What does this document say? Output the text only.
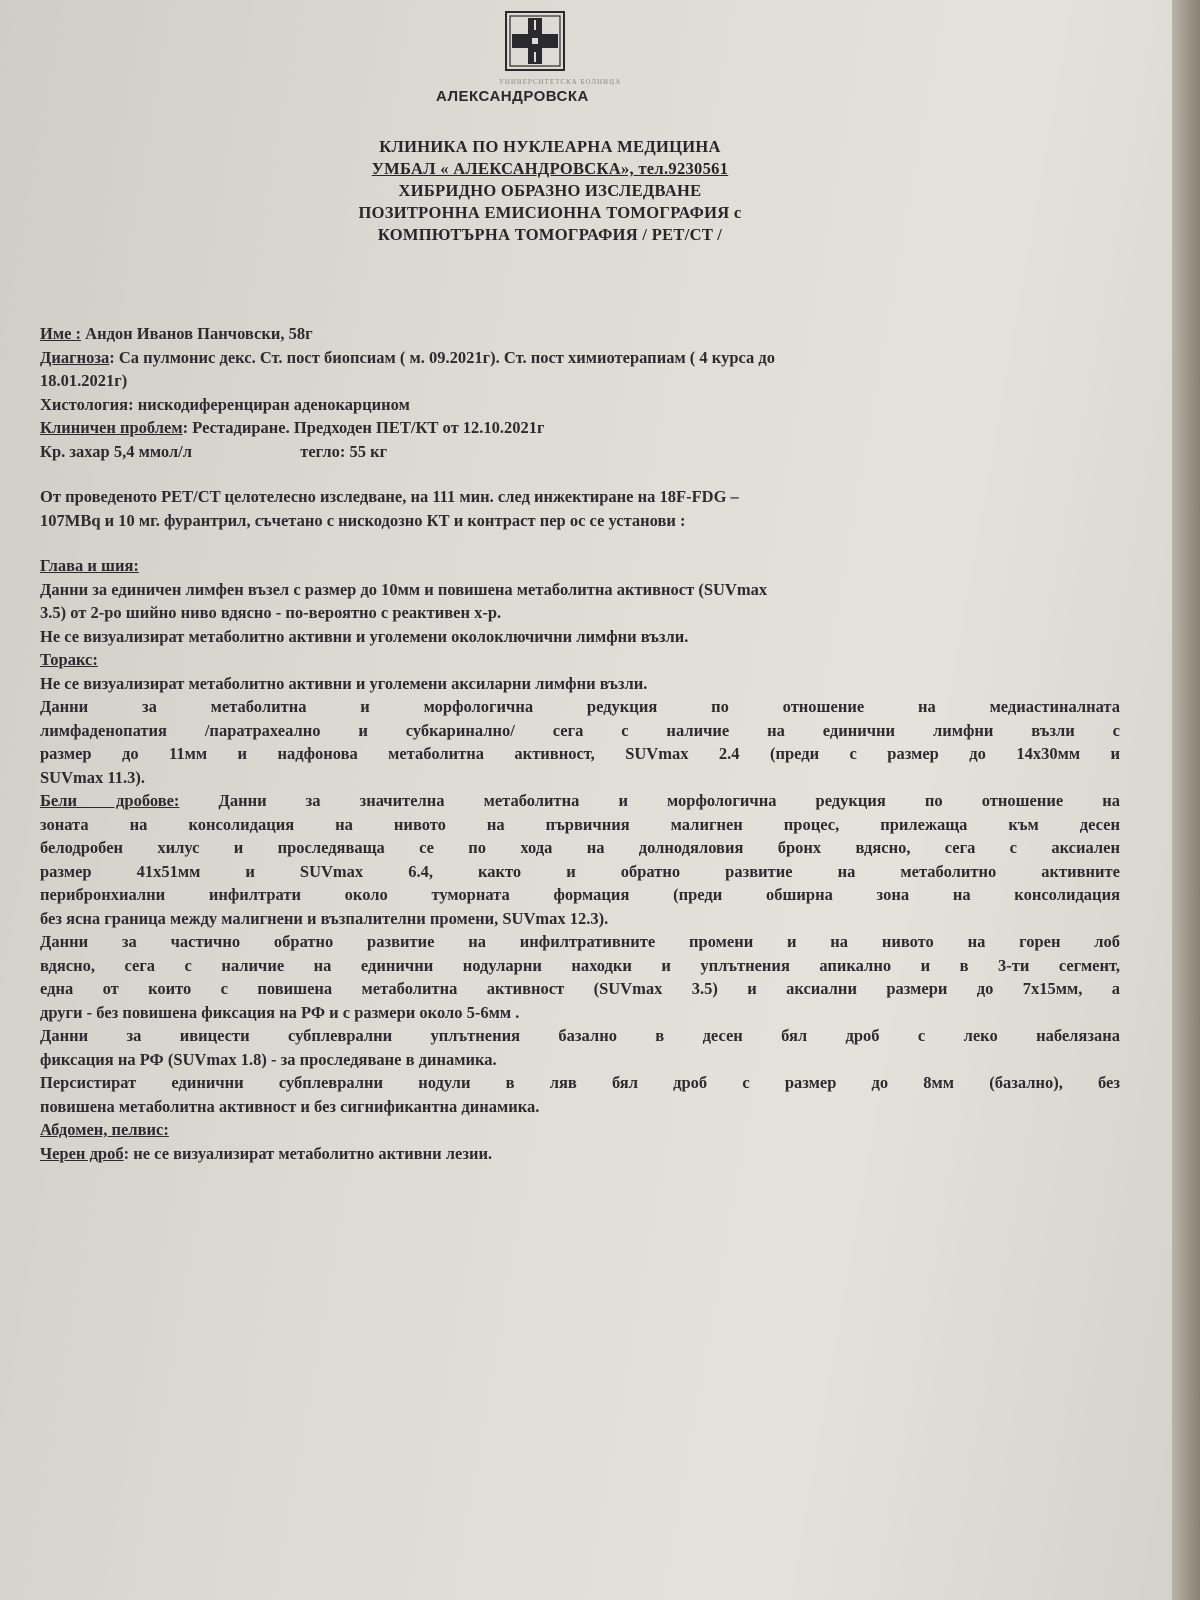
УНИВЕРСИТЕТСКА БОЛНИЦА
АЛЕКСАНДРОВСКА
КЛИНИКА ПО НУКЛЕАРНА МЕДИЦИНА
УМБАЛ « АЛЕКСАНДРОВСКА», тел.9230561
ХИБРИДНО ОБРАЗНО ИЗСЛЕДВАНЕ
ПОЗИТРОННА ЕМИСИОННА ТОМОГРАФИЯ с
КОМПЮТЪРНА ТОМОГРАФИЯ / PET/CT /
Име : Андон Иванов Панчовски, 58г
Диагноза: Ca пулмонис декс. Ст. пост биопсиам ( м. 09.2021г). Ст. пост химиотерапиам ( 4 курса до
18.01.2021г)
Хистология: нискодиференциран аденокарцином
Клиничен проблем: Рестадиране. Предходен ПЕТ/КТ от 12.10.2021г
Кр. захар 5,4 ммол/л	тегло: 55 кг
От проведеното PET/CT целотелесно изследване, на 111 мин. след инжектиране на 18F-FDG –
107MBq и 10 мг. фурантрил, съчетано с нискодозно КТ и контраст пер ос се установи :
Глава и шия:
Данни за единичен лимфен възел с размер до 10мм и повишена метаболитна активност (SUVmax
3.5) от 2-ро шийно ниво вдясно - по-вероятно с реактивен х-р.
Не се визуализират метаболитно активни и уголемени околоключични лимфни възли.
Торакс:
Не се визуализират метаболитно активни и уголемени аксиларни лимфни възли.
Данни за метаболитна и морфологична редукция по отношение на медиастиналната
лимфаденопатия /паратрахеално и субкаринално/ сега с наличие на единични лимфни възли с
размер до 11мм и надфонова метаболитна активност, SUVmax 2.4 (преди с размер до 14х30мм и
SUVmax 11.3).
Бели дробове: Данни за значителна метаболитна и морфологична редукция по отношение на
зоната на консолидация на нивото на първичния малигнен процес, прилежаща към десен
белодробен хилус и проследяваща се по хода на долнодяловия бронх вдясно, сега с аксиален
размер 41х51мм и SUVmax 6.4, както и обратно развитие на метаболитно активните
перибронхиални инфилтрати около туморната формация (преди обширна зона на консолидация
без ясна граница между малигнени и възпалителни промени, SUVmax 12.3).
Данни за частично обратно развитие на инфилтративните промени и на нивото на горен лоб
вдясно, сега с наличие на единични нодуларни находки и уплътнения апикално и в 3-ти сегмент,
една от които с повишена метаболитна активност (SUVmax 3.5) и аксиални размери до 7х15мм, а
други - без повишена фиксация на РФ и с размери около 5-6мм .
Данни за ивицести субплеврални уплътнения базално в десен бял дроб с леко набелязана
фиксация на РФ (SUVmax 1.8) - за проследяване в динамика.
Персистират единични субплеврални нодули в ляв бял дроб с размер до 8мм (базално), без
повишена метаболитна активност и без сигнификантна динамика.
Абдомен, пелвис:
Черен дроб: не се визуализират метаболитно активни лезии.
